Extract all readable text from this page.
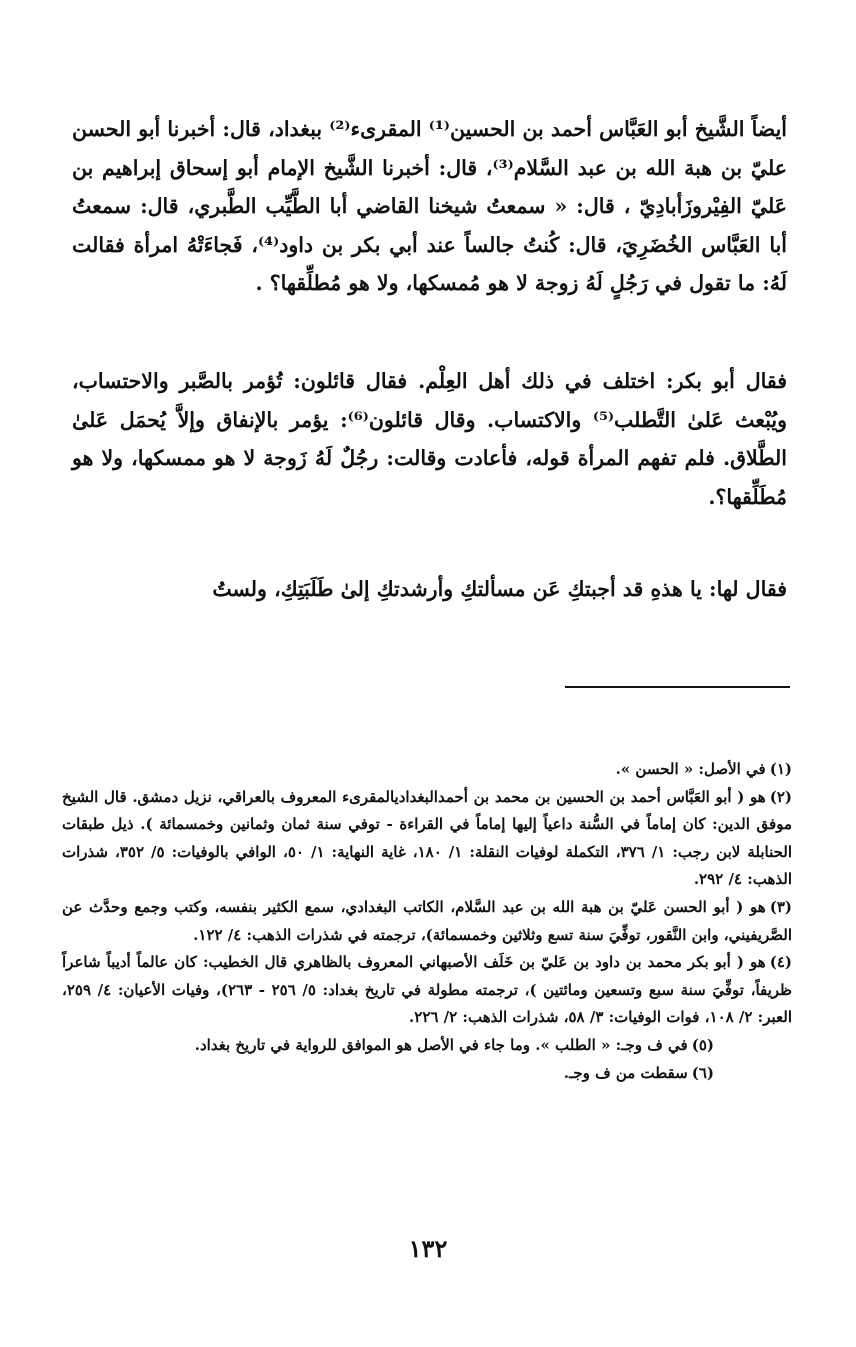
أيضاً الشَّيخ أبو العَبَّاس أحمد بن الحسين⁽¹⁾ المقرىء⁽²⁾ ببغداد، قال: أخبرنا أبو الحسن عليّ بن هبة الله بن عبد السَّلام⁽³⁾، قال: أخبرنا الشَّيخ الإمام أبو إسحاق إبراهيم بن عَليّ الفِيْروزَأبادِيّ ، قال: « سمعتُ شيخنا القاضي أبا الطَّيِّب الطَّبري، قال: سمعتُ أبا العَبَّاس الخُضَرِيَ، قال: كُنتُ جالساً عند أبي بكر بن داود⁽⁴⁾، فَجاءَتْهُ امرأة فقالت لَهُ: ما تقول في رَجُلٍ لَهُ زوجة لا هو مُمسكها، ولا هو مُطلِّقها؟ .

فقال أبو بكر: اختلف في ذلك أهل العِلْم. فقال قائلون: تُؤمر بالصَّبر والاحتساب، ويُبْعث عَلىٰ التَّطلب⁽⁵⁾ والاكتساب. وقال قائلون⁽⁶⁾: يؤمر بالإنفاق وإلاَّ يُحمَل عَلىٰ الطَّلاق. فلم تفهم المرأة قوله، فأعادت وقالت: رجُلٌ لَهُ زَوجة لا هو ممسكها، ولا هو مُطَلِّقها؟.

فقال لها: يا هذهِ قد أجبتكِ عَن مسألتكِ وأرشدتكِ إلىٰ طَلَبَتِكِ، ولستُ

(١)في الأصل: « الحسن ».

(٢)هو ( أبو العَبَّاس أحمد بن الحسين بن محمد بن أحمدالبغداديالمقرىء المعروف بالعراقي، نزيل دمشق. قال الشيخ موفق الدين: كان إماماً في السُّنة داعياً إليها إماماً في القراءة - توفي سنة ثمان وثمانين وخمسمائة ). ذيل طبقات الحنابلة لابن رجب: ١/ ٣٧٦، التكملة لوفيات النقلة: ١/ ١٨٠، غاية النهاية: ١/ ٥٠، الوافي بالوفيات: ٥/ ٣٥٢، شذرات الذهب: ٤/ ٢٩٢.

(٣)هو ( أبو الحسن عَليّ بن هبة الله بن عبد السَّلام، الكاتب البغدادي، سمع الكثير بنفسه، وكتب وجمع وحدَّث عن الصَّريفيني، وابن النَّقور، توفِّيَ سنة تسع وثلاثين وخمسمائة)، ترجمته في شذرات الذهب: ٤/ ١٢٢.

(٤)هو ( أبو بكر محمد بن داود بن عَليّ بن خَلَف الأصبهاني المعروف بالظاهري قال الخطيب: كان عالماً أديباً شاعراً ظريفاً، توفِّيَ سنة سبع وتسعين ومائتين )، ترجمته مطولة في تاريخ بغداد: ٥/ ٢٥٦ - ٢٦٣)، وفيات الأعيان: ٤/ ٢٥٩، العبر: ٢/ ١٠٨، فوات الوفيات: ٣/ ٥٨، شذرات الذهب: ٢/ ٢٢٦.

(٥)في ف وجـ: « الطلب ». وما جاء في الأصل هو الموافق للرواية في تاريخ بغداد.

(٦)سقطت من ف وجـ.

١٣٢
